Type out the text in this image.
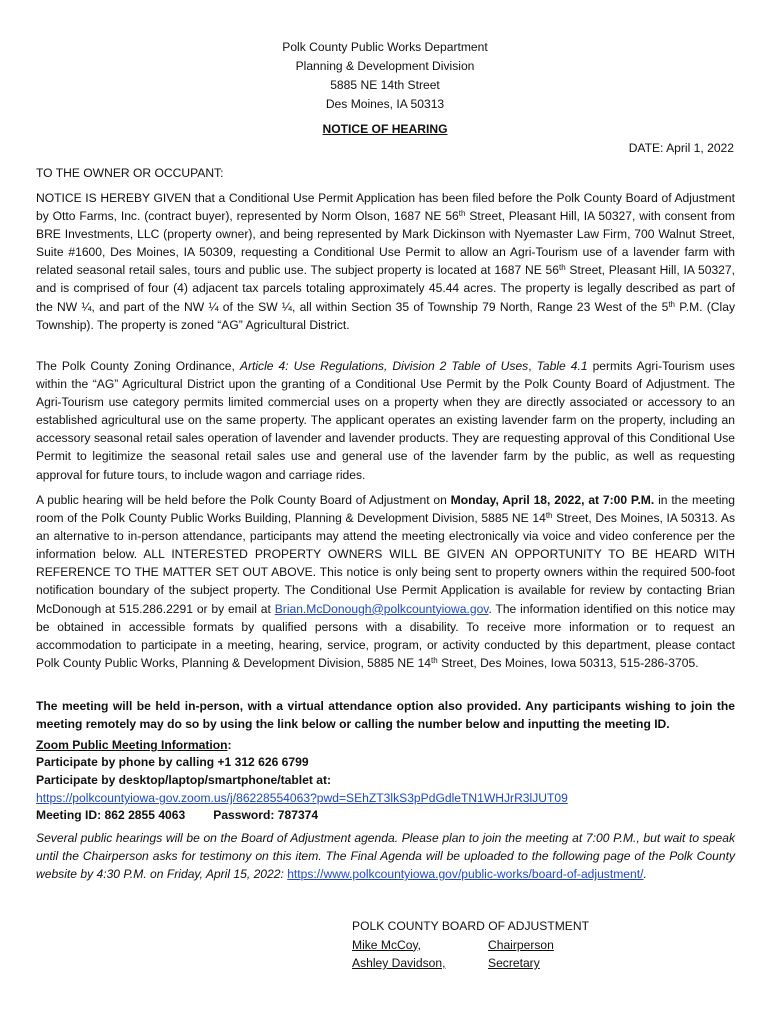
Polk County Public Works Department
Planning & Development Division
5885 NE 14th Street
Des Moines, IA 50313
NOTICE OF HEARING
DATE: April 1, 2022
TO THE OWNER OR OCCUPANT:

NOTICE IS HEREBY GIVEN that a Conditional Use Permit Application has been filed before the Polk County Board of Adjustment by Otto Farms, Inc. (contract buyer), represented by Norm Olson, 1687 NE 56th Street, Pleasant Hill, IA 50327, with consent from BRE Investments, LLC (property owner), and being represented by Mark Dickinson with Nyemaster Law Firm, 700 Walnut Street, Suite #1600, Des Moines, IA 50309, requesting a Conditional Use Permit to allow an Agri-Tourism use of a lavender farm with related seasonal retail sales, tours and public use. The subject property is located at 1687 NE 56th Street, Pleasant Hill, IA 50327, and is comprised of four (4) adjacent tax parcels totaling approximately 45.44 acres. The property is legally described as part of the NW ¼, and part of the NW ¼ of the SW ¼, all within Section 35 of Township 79 North, Range 23 West of the 5th P.M. (Clay Township). The property is zoned “AG” Agricultural District.

The Polk County Zoning Ordinance, Article 4: Use Regulations, Division 2 Table of Uses, Table 4.1 permits Agri-Tourism uses within the “AG” Agricultural District upon the granting of a Conditional Use Permit by the Polk County Board of Adjustment. The Agri-Tourism use category permits limited commercial uses on a property when they are directly associated or accessory to an established agricultural use on the same property. The applicant operates an existing lavender farm on the property, including an accessory seasonal retail sales operation of lavender and lavender products. They are requesting approval of this Conditional Use Permit to legitimize the seasonal retail sales use and general use of the lavender farm by the public, as well as requesting approval for future tours, to include wagon and carriage rides.

A public hearing will be held before the Polk County Board of Adjustment on Monday, April 18, 2022, at 7:00 P.M. in the meeting room of the Polk County Public Works Building, Planning & Development Division, 5885 NE 14th Street, Des Moines, IA 50313. As an alternative to in-person attendance, participants may attend the meeting electronically via voice and video conference per the information below. ALL INTERESTED PROPERTY OWNERS WILL BE GIVEN AN OPPORTUNITY TO BE HEARD WITH REFERENCE TO THE MATTER SET OUT ABOVE. This notice is only being sent to property owners within the required 500-foot notification boundary of the subject property. The Conditional Use Permit Application is available for review by contacting Brian McDonough at 515.286.2291 or by email at Brian.McDonough@polkcountyiowa.gov. The information identified on this notice may be obtained in accessible formats by qualified persons with a disability. To receive more information or to request an accommodation to participate in a meeting, hearing, service, program, or activity conducted by this department, please contact Polk County Public Works, Planning & Development Division, 5885 NE 14th Street, Des Moines, Iowa 50313, 515-286-3705.

The meeting will be held in-person, with a virtual attendance option also provided. Any participants wishing to join the meeting remotely may do so by using the link below or calling the number below and inputting the meeting ID.

Zoom Public Meeting Information:
Participate by phone by calling +1 312 626 6799
Participate by desktop/laptop/smartphone/tablet at:
https://polkcountyiowa-gov.zoom.us/j/86228554063?pwd=SEhZT3lkS3pPdGdleTN1WHJrR3lJUT09
Meeting ID: 862 2855 4063 Password: 787374

Several public hearings will be on the Board of Adjustment agenda. Please plan to join the meeting at 7:00 P.M., but wait to speak until the Chairperson asks for testimony on this item. The Final Agenda will be uploaded to the following page of the Polk County website by 4:30 P.M. on Friday, April 15, 2022: https://www.polkcountyiowa.gov/public-works/board-of-adjustment/.

POLK COUNTY BOARD OF ADJUSTMENT
Mike McCoy,	Chairperson
Ashley Davidson,	Secretary
